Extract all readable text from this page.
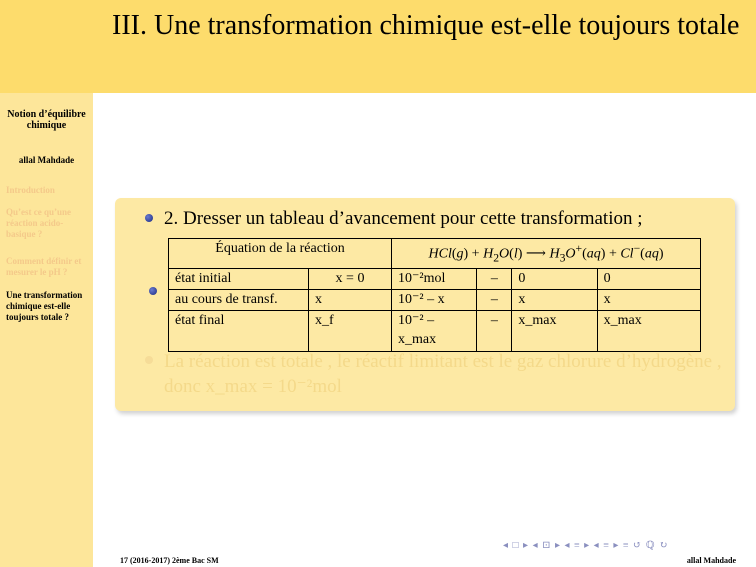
III. Une transformation chimique est-elle toujours totale
Notion d’équilibre chimique
allal Mahdade
Introduction
Qu’est ce qu’une réaction acido-basique ?
Comment définir et mesurer le pH ?
Une transformation chimique est-elle toujours totale ?
2. Dresser un tableau d’avancement pour cette transformation ;
Équation de la réaction		$HCl(g) + H_2O(l)$ ⟶ $H_3O^+(aq) + Cl^-(aq)$			
état initial	x = 0	10⁻²mol	–	0	0
au cours de transf.	x	10⁻² – x	–	x	x
état final	x_f	10⁻² – x_max	–	x_max	x_max
La réaction est totale , le réactif limitant est le gaz chlorure d’hydrogène , donc x_max = 10⁻²mol
◂ □ ▸ ◂ ⊡ ▸ ◂ ≡ ▸ ◂ ≡ ▸ ≡ ↺ ℚ ↻
17 (2016-2017) 2ème Bac SM	allal Mahdade
